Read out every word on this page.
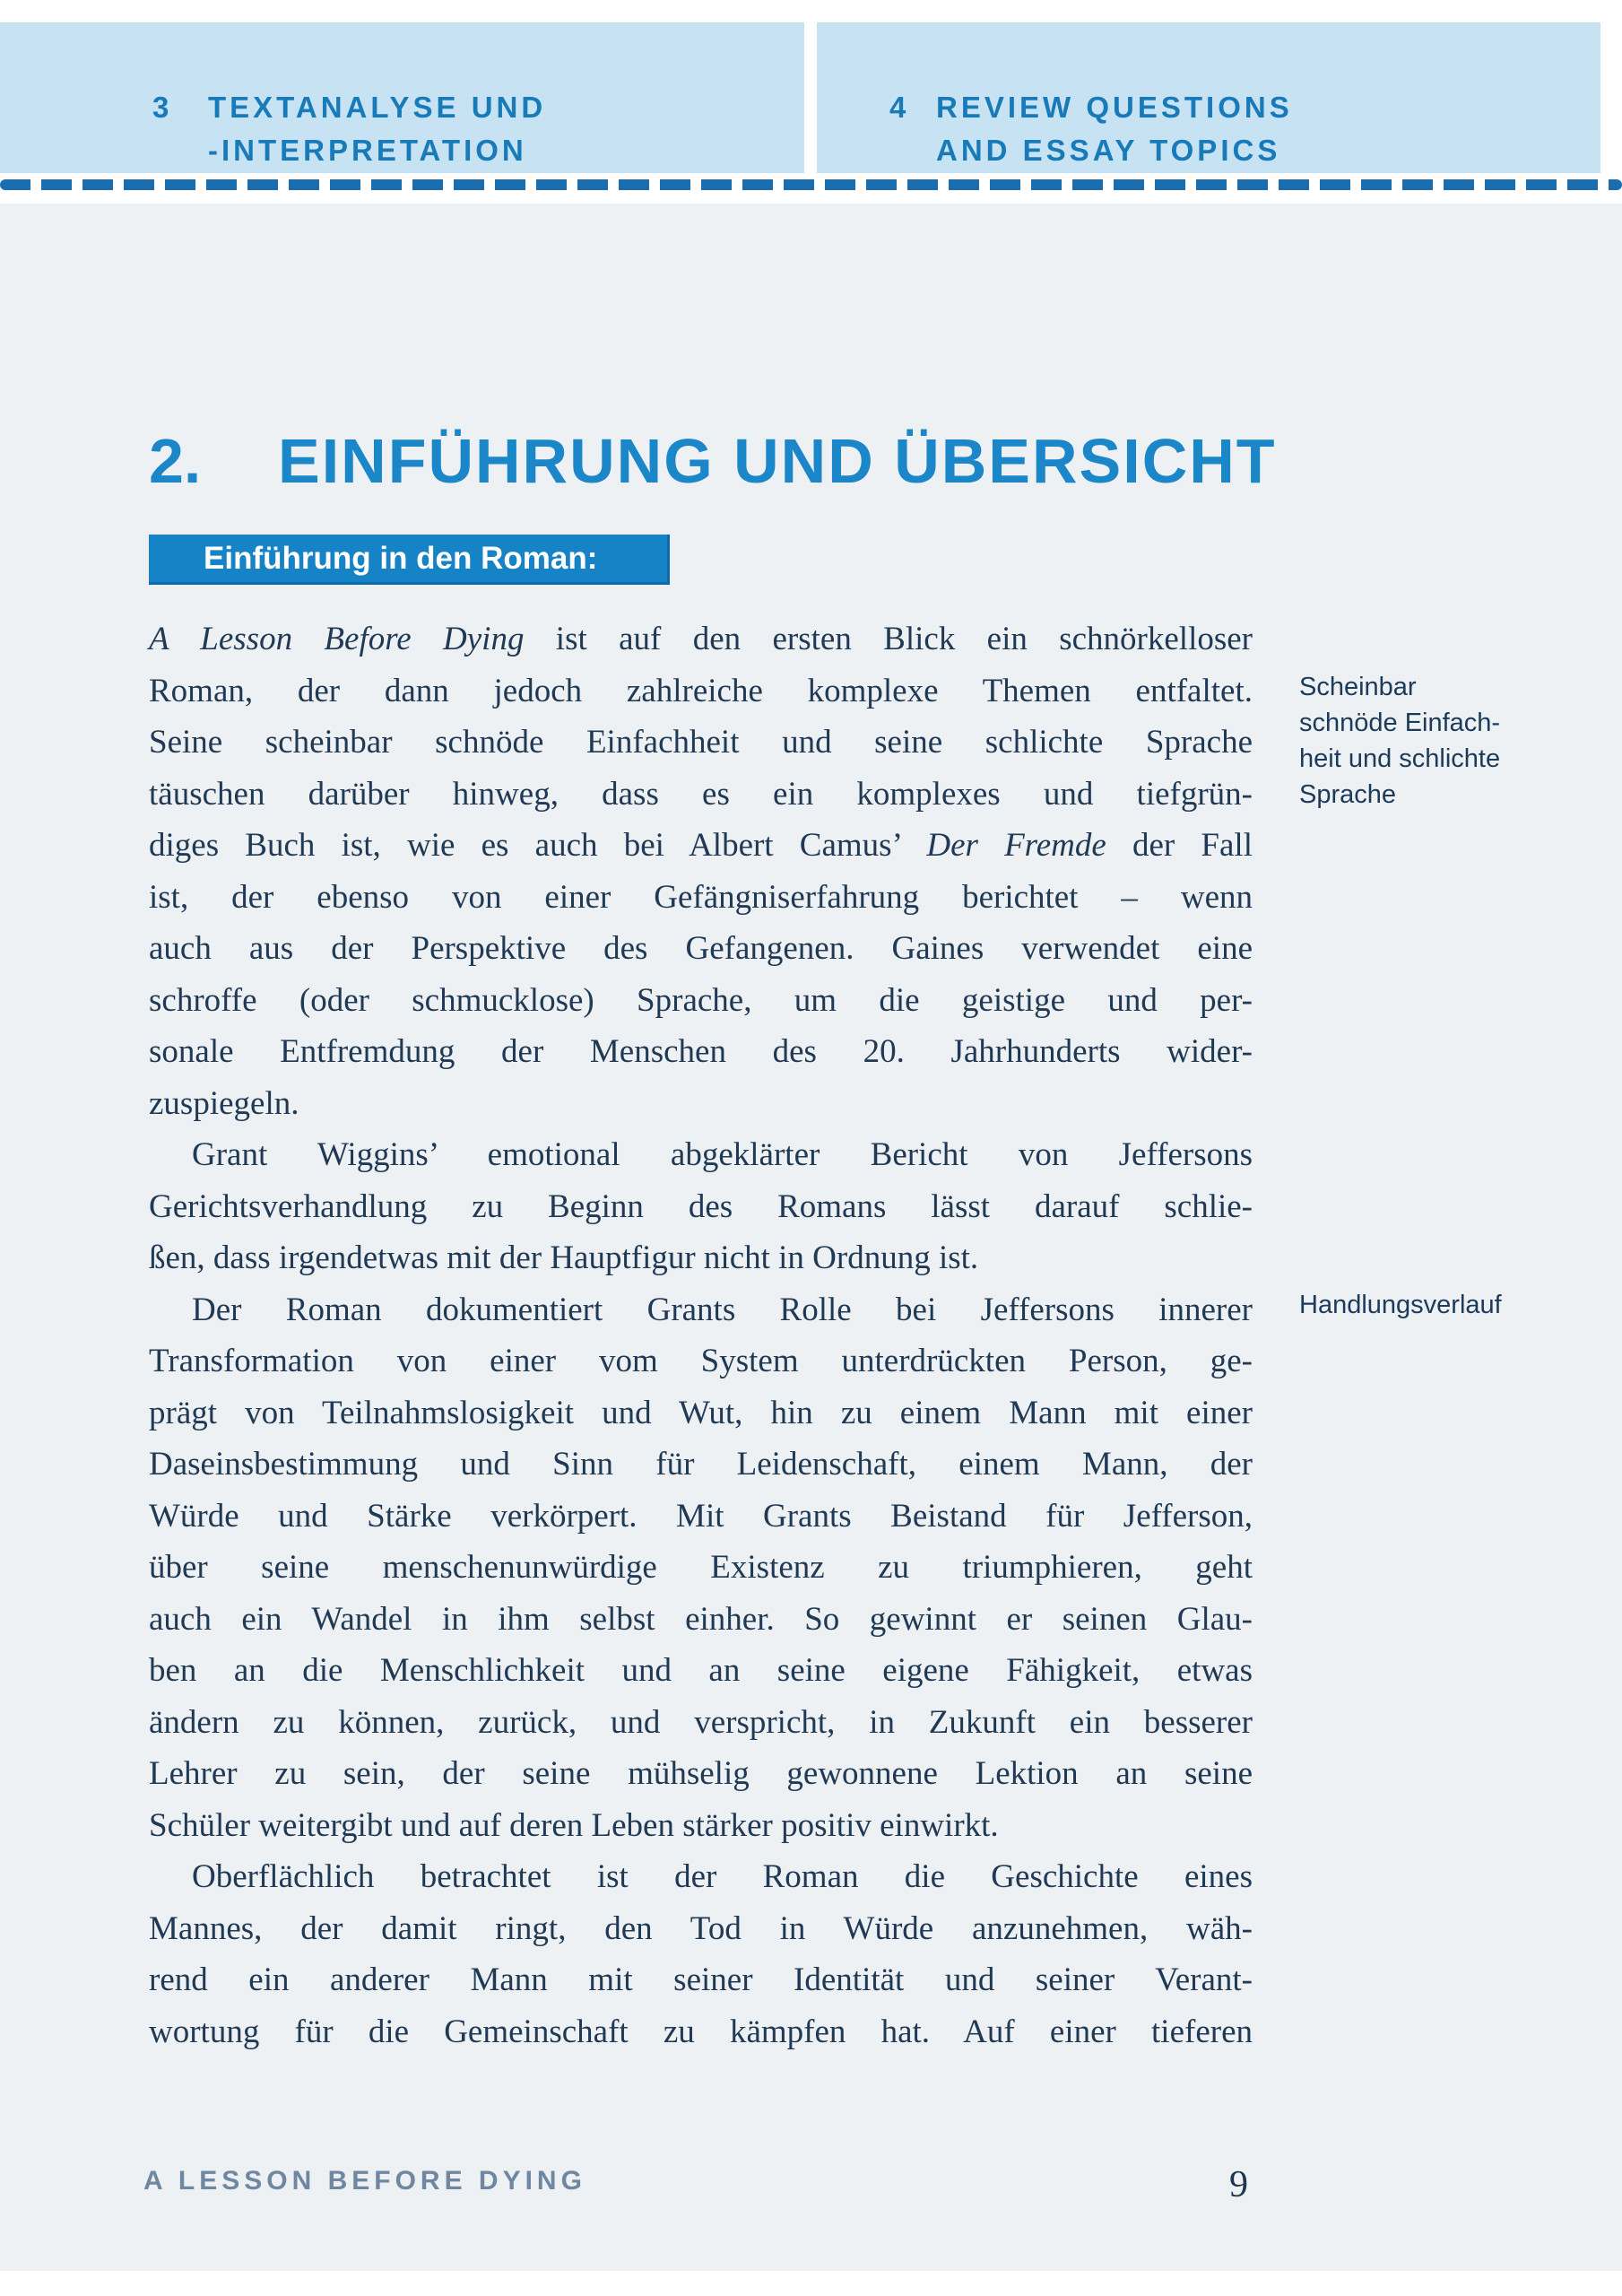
3	TEXTANALYSE UND
-INTERPRETATION
4 REVIEW QUESTIONS
AND ESSAY TOPICS
2.	EINFÜHRUNG UND ÜBERSICHT
Einführung in den Roman:
A Lesson Before Dying ist auf den ersten Blick ein schnörkelloser
Roman, der dann jedoch zahlreiche komplexe Themen entfaltet.
Seine scheinbar schnöde Einfachheit und seine schlichte Sprache
täuschen darüber hinweg, dass es ein komplexes und tiefgrün-
diges Buch ist, wie es auch bei Albert Camus’ Der Fremde der Fall
ist, der ebenso von einer Gefängniserfahrung berichtet – wenn
auch aus der Perspektive des Gefangenen. Gaines verwendet eine
schroffe (oder schmucklose) Sprache, um die geistige und per-
sonale Entfremdung der Menschen des 20. Jahrhunderts wider-
zuspiegeln.
Grant Wiggins’ emotional abgeklärter Bericht von Jeffersons
Gerichtsverhandlung zu Beginn des Romans lässt darauf schlie-
ßen, dass irgendetwas mit der Hauptfigur nicht in Ordnung ist.
Der Roman dokumentiert Grants Rolle bei Jeffersons innerer
Transformation von einer vom System unterdrückten Person, ge-
prägt von Teilnahmslosigkeit und Wut, hin zu einem Mann mit einer
Daseinsbestimmung und Sinn für Leidenschaft, einem Mann, der
Würde und Stärke verkörpert. Mit Grants Beistand für Jefferson,
über seine menschenunwürdige Existenz zu triumphieren, geht
auch ein Wandel in ihm selbst einher. So gewinnt er seinen Glau-
ben an die Menschlichkeit und an seine eigene Fähigkeit, etwas
ändern zu können, zurück, und verspricht, in Zukunft ein besserer
Lehrer zu sein, der seine mühselig gewonnene Lektion an seine
Schüler weitergibt und auf deren Leben stärker positiv einwirkt.
Oberflächlich betrachtet ist der Roman die Geschichte eines
Mannes, der damit ringt, den Tod in Würde anzunehmen, wäh-
rend ein anderer Mann mit seiner Identität und seiner Verant-
wortung für die Gemeinschaft zu kämpfen hat. Auf einer tieferen
Scheinbar
schnöde Einfach-
heit und schlichte
Sprache
Handlungsverlauf
A LESSON BEFORE DYING	9
